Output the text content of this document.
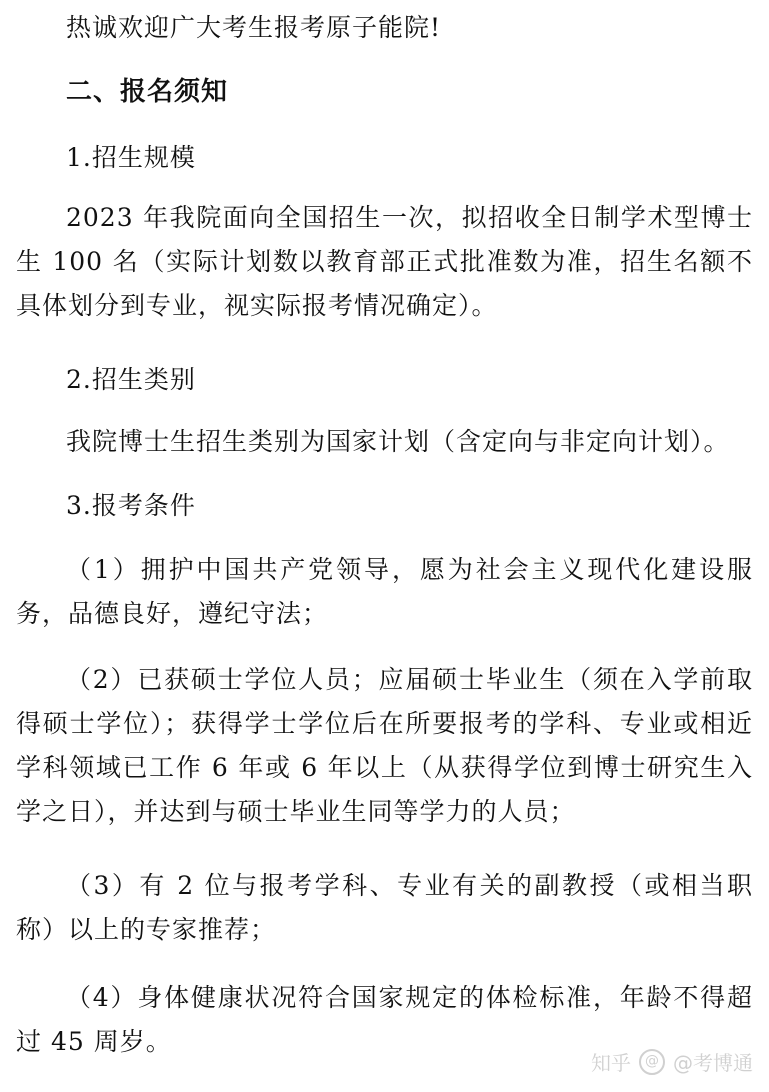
热诚欢迎广大考生报考原子能院!

二、报名须知

1.招生规模

2023 年我院面向全国招生一次，拟招收全日制学术型博士生 100 名（实际计划数以教育部正式批准数为准，招生名额不具体划分到专业，视实际报考情况确定）。

2.招生类别

我院博士生招生类别为国家计划（含定向与非定向计划）。

3.报考条件

（1）拥护中国共产党领导，愿为社会主义现代化建设服务，品德良好，遵纪守法；

（2）已获硕士学位人员；应届硕士毕业生（须在入学前取得硕士学位）；获得学士学位后在所要报考的学科、专业或相近学科领域已工作 6 年或 6 年以上（从获得学位到博士研究生入学之日），并达到与硕士毕业生同等学力的人员；

（3）有 2 位与报考学科、专业有关的副教授（或相当职称）以上的专家推荐；

（4）身体健康状况符合国家规定的体检标准，年龄不得超过 45 周岁。

知乎	@ @考博通
